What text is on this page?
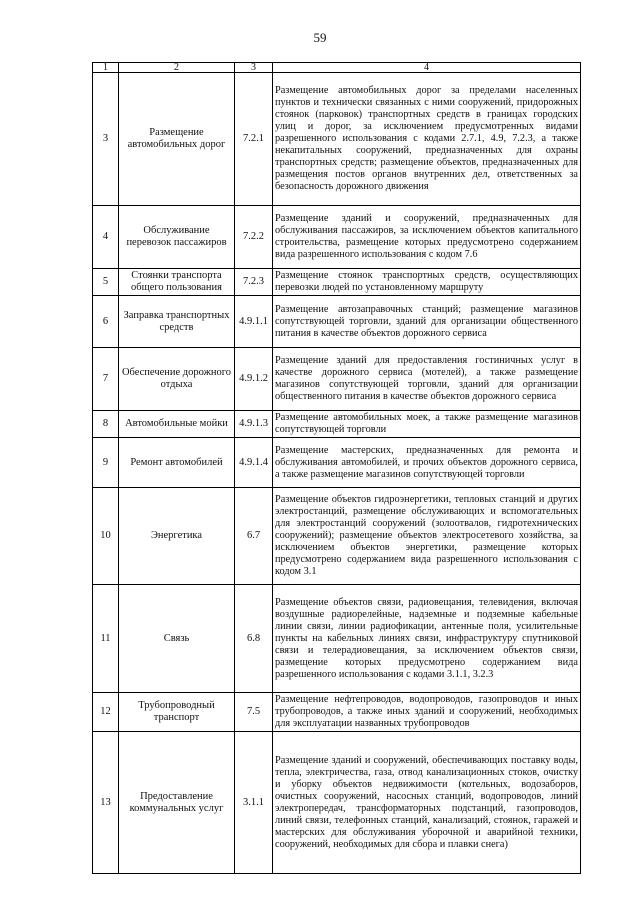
59
1	2	3	4
3	Размещение автомобильных дорог	7.2.1	Размещение автомобильных дорог за пределами населенных пунктов и технически связанных с ними сооружений, придорожных стоянок (парковок) транспортных средств в границах городских улиц и дорог, за исключением предусмотренных видами разрешенного использования с кодами 2.7.1, 4.9, 7.2.3, а также некапитальных сооружений, предназначенных для охраны транспортных средств; размещение объектов, предназначенных для размещения постов органов внутренних дел, ответственных за безопасность дорожного движения
4	Обслуживание перевозок пассажиров	7.2.2	Размещение зданий и сооружений, предназначенных для обслуживания пассажиров, за исключением объектов капитального строительства, размещение которых предусмотрено содержанием вида разрешенного использования с кодом 7.6
5	Стоянки транспорта общего пользования	7.2.3	Размещение стоянок транспортных средств, осуществляющих перевозки людей по установленному маршруту
6	Заправка транспортных средств	4.9.1.1	Размещение автозаправочных станций; размещение магазинов сопутствующей торговли, зданий для организации общественного питания в качестве объектов дорожного сервиса
7	Обеспечение дорожного отдыха	4.9.1.2	Размещение зданий для предоставления гостиничных услуг в качестве дорожного сервиса (мотелей), а также размещение магазинов сопутствующей торговли, зданий для организации общественного питания в качестве объектов дорожного сервиса
8	Автомобильные мойки	4.9.1.3	Размещение автомобильных моек, а также размещение магазинов сопутствующей торговли
9	Ремонт автомобилей	4.9.1.4	Размещение мастерских, предназначенных для ремонта и обслуживания автомобилей, и прочих объектов дорожного сервиса, а также размещение магазинов сопутствующей торговли
10	Энергетика	6.7	Размещение объектов гидроэнергетики, тепловых станций и других электростанций, размещение обслуживающих и вспомогательных для электростанций сооружений (золоотвалов, гидротехнических сооружений); размещение объектов электросетевого хозяйства, за исключением объектов энергетики, размещение которых предусмотрено содержанием вида разрешенного использования с кодом 3.1
11	Связь	6.8	Размещение объектов связи, радиовещания, телевидения, включая воздушные радиорелейные, надземные и подземные кабельные линии связи, линии радиофикации, антенные поля, усилительные пункты на кабельных линиях связи, инфраструктуру спутниковой связи и телерадиовещания, за исключением объектов связи, размещение которых предусмотрено содержанием вида разрешенного использования с кодами 3.1.1, 3.2.3
12	Трубопроводный транспорт	7.5	Размещение нефтепроводов, водопроводов, газопроводов и иных трубопроводов, а также иных зданий и сооружений, необходимых для эксплуатации названных трубопроводов
13	Предоставление коммунальных услуг	3.1.1	Размещение зданий и сооружений, обеспечивающих поставку воды, тепла, электричества, газа, отвод канализационных стоков, очистку и уборку объектов недвижимости (котельных, водозаборов, очистных сооружений, насосных станций, водопроводов, линий электропередач, трансформаторных подстанций, газопроводов, линий связи, телефонных станций, канализаций, стоянок, гаражей и мастерских для обслуживания уборочной и аварийной техники, сооружений, необходимых для сбора и плавки снега)
